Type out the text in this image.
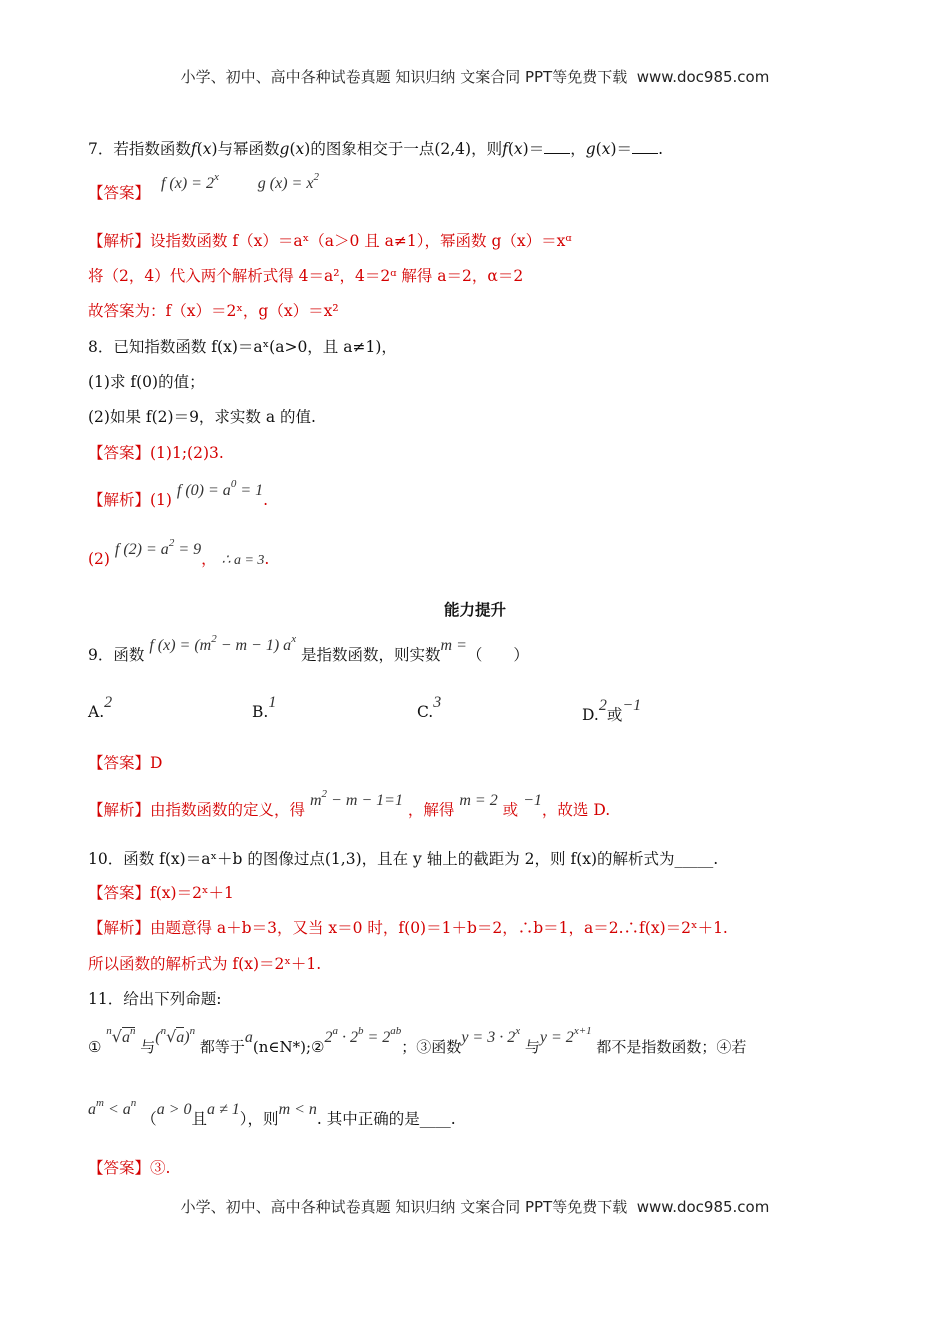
小学、初中、高中各种试卷真题 知识归纳 文案合同 PPT等免费下载 www.doc985.com
7．若指数函数f(x)与幂函数g(x)的图象相交于一点(2,4)，则f(x)＝ ，g(x)＝ .
【答案】 f $(x) = 2^x$ g $(x) = x^2$
【解析】设指数函数 f（x）＝aˣ（a＞0 且 a≠1），幂函数 g（x）＝xᵅ
将（2，4）代入两个解析式得 4＝a²，4＝2ᵅ 解得 a＝2，α＝2
故答案为：f（x）＝2ˣ，g（x）＝x²
8．已知指数函数 f(x)＝aˣ(a>0，且 a≠1)，
(1)求 f(0)的值；
(2)如果 f(2)＝9，求实数 a 的值.
【答案】(1)1;(2)3.
【解析】(1) f $(0) = a^0 = 1$.
(2) f $(2) = a^2 = 9$， ∴ a = 3.
能力提升
9．函数 f $(x) = (m^2 - m - 1)$ $a^x$ 是指数函数，则实数m =（　　）
A.2
B.1
C.3
D.2或−1
【答案】D
【解析】由指数函数的定义，得 $m^2 - m - 1=1$ ，解得 m = 2 或 −1，故选 D.
10．函数 f(x)＝aˣ＋b 的图像过点(1,3)，且在 y 轴上的截距为 2，则 f(x)的解析式为_____.
【答案】f(x)＝2ˣ＋1
【解析】由题意得 a＋b＝3，又当 x＝0 时，f(0)＝1＋b＝2，∴b＝1，a＝2.∴f(x)＝2ˣ＋1.
所以函数的解析式为 f(x)＝2ˣ＋1.
11．给出下列命题:
① $^n√a^n$ 与$(^n√a)^n$ 都等于$a(n\in N*);②2^a \cdot 2^b = 2^{ab}$；③函数$y = 3 \cdot 2^x$ 与$y = 2^{x+1}$ 都不是指数函数；④若
$a^m < a^n$ （a > 0且a ≠ 1），则m < n. 其中正确的是____.
【答案】③.
小学、初中、高中各种试卷真题 知识归纳 文案合同 PPT等免费下载 www.doc985.com
